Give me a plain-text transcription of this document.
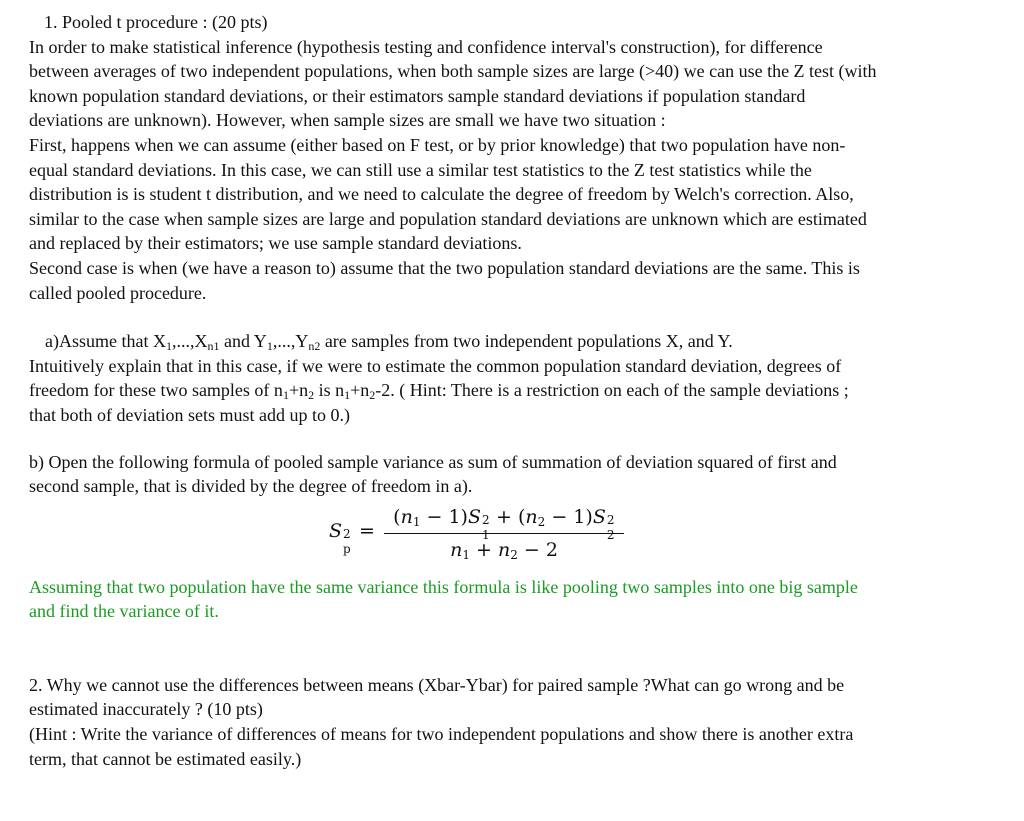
1. Pooled t procedure : (20 pts)
In order to make statistical inference (hypothesis testing and confidence interval's construction), for difference
between averages of two independent populations, when both sample sizes are large (>40) we can use the Z test (with
known population standard deviations, or their estimators sample standard deviations if population standard
deviations are unknown). However, when sample sizes are small we have two situation :
First, happens when we can assume (either based on F test, or by prior knowledge) that two population have non-
equal standard deviations. In this case, we can still use a similar test statistics to the Z test statistics while the
distribution is is student t distribution, and we need to calculate the degree of freedom by Welch's correction. Also,
similar to the case when sample sizes are large and population standard deviations are unknown which are estimated
and replaced by their estimators; we use sample standard deviations.
Second case is when (we have a reason to) assume that the two population standard deviations are the same. This is
called pooled procedure.
a)Assume that $X_1,...,X_{n1}$ and $Y_1,...,Y_{n2}$ are samples from two independent populations X, and Y.
Intuitively explain that in this case, if we were to estimate the common population standard deviation, degrees of
freedom for these two samples of $n_1+n_2$ is $n_1+n_2-2$. ( Hint: There is a restriction on each of the sample deviations ;
that both of deviation sets must add up to 0.)
b) Open the following formula of pooled sample variance as sum of summation of deviation squared of first and
second sample, that is divided by the degree of freedom in a).
S 2
p
= $(n_1 - 1)S$ 2
1
+ $(n_2 - 1)S$ 2
2
$n_1 + n_2 - 2$
Assuming that two population have the same variance this formula is like pooling two samples into one big sample
and find the variance of it.
2. Why we cannot use the differences between means (Xbar-Ybar) for paired sample ?What can go wrong and be
estimated inaccurately ? (10 pts)
(Hint : Write the variance of differences of means for two independent populations and show there is another extra
term, that cannot be estimated easily.)
